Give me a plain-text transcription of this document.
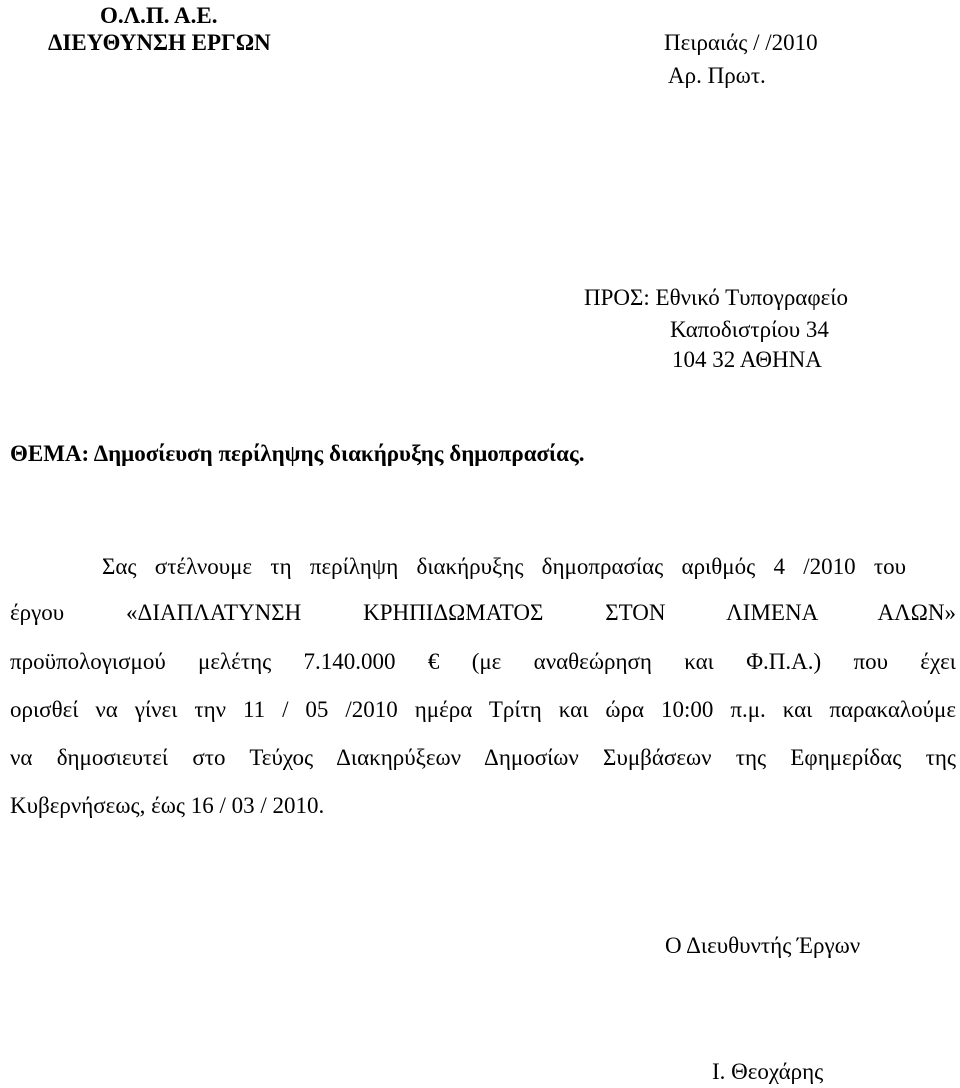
Ο.Λ.Π. Α.Ε.
ΔΙΕΥΘΥΝΣΗ ΕΡΓΩΝ	Πειραιάς / /2010
Αρ. Πρωτ.
ΠΡΟΣ: Εθνικό Τυπογραφείο
Καποδιστρίου 34
104 32 ΑΘΗΝΑ
ΘΕΜΑ: Δημοσίευση περίληψης διακήρυξης δημοπρασίας.
Σας στέλνουμε τη περίληψη διακήρυξης δημοπρασίας αριθμός 4 /2010 του
έργου «ΔΙΑΠΛΑΤΥΝΣΗ ΚΡΗΠΙΔΩΜΑΤΟΣ ΣΤΟΝ ΛΙΜΕΝΑ ΑΛΩΝ»
προϋπολογισμού μελέτης 7.140.000 € (με αναθεώρηση και Φ.Π.Α.) που έχει
ορισθεί να γίνει την 11 / 05 /2010 ημέρα Τρίτη και ώρα 10:00 π.μ. και παρακαλούμε
να δημοσιευτεί στο Τεύχος Διακηρύξεων Δημοσίων Συμβάσεων της Εφημερίδας της
Κυβερνήσεως, έως 16 / 03 / 2010.
Ο Διευθυντής Έργων
Ι. Θεοχάρης
